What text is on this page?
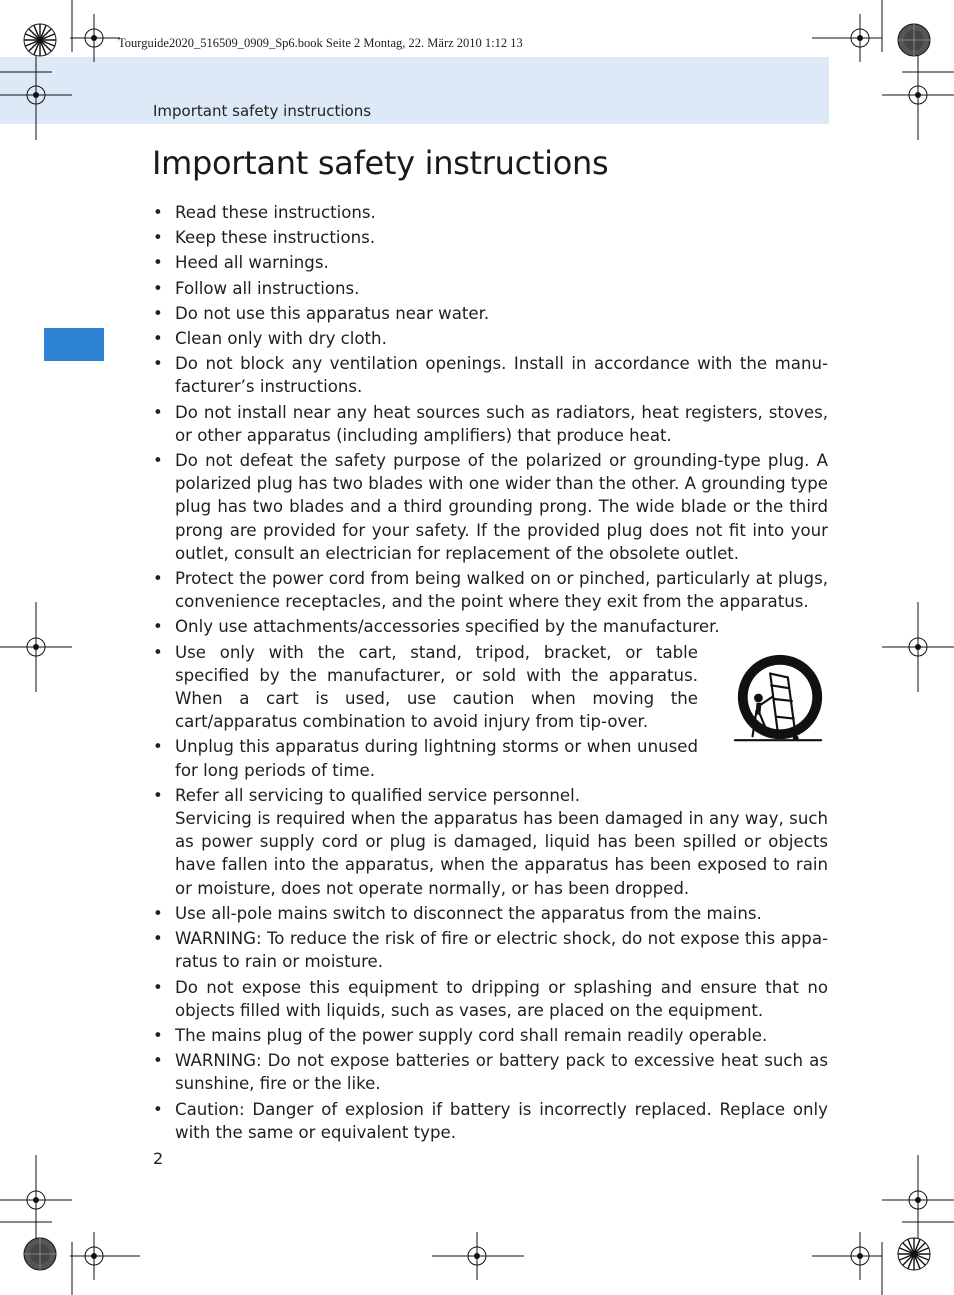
Tourguide2020_516509_0909_Sp6.book Seite 2 Montag, 22. März 2010 1:12 13
Important safety instructions
Important safety instructions
• Read these instructions.
• Keep these instructions.
• Heed all warnings.
• Follow all instructions.
• Do not use this apparatus near water.
• Clean only with dry cloth.
• Do not block any ventilation openings. Install in accordance with the manu-facturer’s instructions.
• Do not install near any heat sources such as radiators, heat registers, stoves, or other apparatus (including amplifiers) that produce heat.
• Do not defeat the safety purpose of the polarized or grounding-type plug. A polarized plug has two blades with one wider than the other. A grounding type plug has two blades and a third grounding prong. The wide blade or the third prong are provided for your safety. If the provided plug does not fit into your outlet, consult an electrician for replacement of the obsolete outlet.
• Protect the power cord from being walked on or pinched, particularly at plugs, convenience receptacles, and the point where they exit from the apparatus.
• Only use attachments/accessories specified by the manufacturer.
• Use only with the cart, stand, tripod, bracket, or table specified by the manufacturer, or sold with the apparatus. When a cart is used, use caution when moving the cart/apparatus combination to avoid injury from tip-over.
• Unplug this apparatus during lightning storms or when unused for long periods of time.
• Refer all servicing to qualified service personnel.
Servicing is required when the apparatus has been damaged in any way, such as power supply cord or plug is damaged, liquid has been spilled or objects have fallen into the apparatus, when the apparatus has been exposed to rain or moisture, does not operate normally, or has been dropped.
• Use all-pole mains switch to disconnect the apparatus from the mains.
• WARNING: To reduce the risk of fire or electric shock, do not expose this appa-ratus to rain or moisture.
• Do not expose this equipment to dripping or splashing and ensure that no objects filled with liquids, such as vases, are placed on the equipment.
• The mains plug of the power supply cord shall remain readily operable.
• WARNING: Do not expose batteries or battery pack to excessive heat such as sunshine, fire or the like.
• Caution: Danger of explosion if battery is incorrectly replaced. Replace only with the same or equivalent type.
2
